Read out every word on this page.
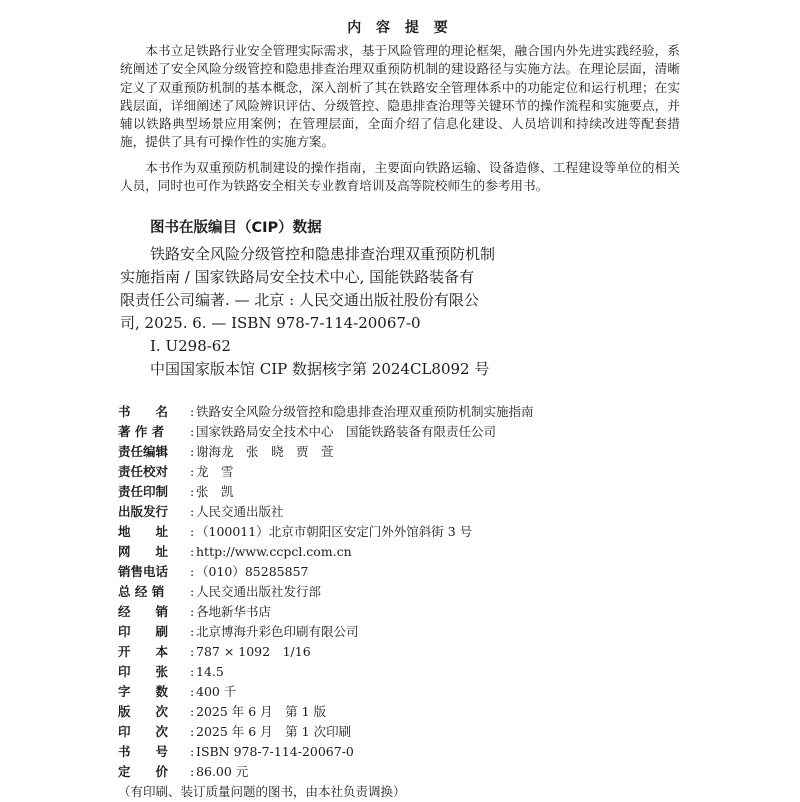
内 容 提 要

本书立足铁路行业安全管理实际需求，基于风险管理的理论框架，融合国内外先进实践经验，系统阐述了安全风险分级管控和隐患排查治理双重预防机制的建设路径与实施方法。在理论层面，清晰定义了双重预防机制的基本概念，深入剖析了其在铁路安全管理体系中的功能定位和运行机理；在实践层面，详细阐述了风险辨识评估、分级管控、隐患排查治理等关键环节的操作流程和实施要点，并辅以铁路典型场景应用案例；在管理层面，全面介绍了信息化建设、人员培训和持续改进等配套措施，提供了具有可操作性的实施方案。

本书作为双重预防机制建设的操作指南，主要面向铁路运输、设备造修、工程建设等单位的相关人员，同时也可作为铁路安全相关专业教育培训及高等院校师生的参考用书。

图书在版编目（CIP）数据
铁路安全风险分级管控和隐患排查治理双重预防机制
实施指南 / 国家铁路局安全技术中心, 国能铁路装备有
限责任公司编著. — 北京 : 人民交通出版社股份有限公
司, 2025. 6. — ISBN 978-7-114-20067-0
Ⅰ. U298-62
中国国家版本馆 CIP 数据核字第 2024CL8092 号
书　　名	: 铁路安全风险分级管控和隐患排查治理双重预防机制实施指南
著 作 者	: 国家铁路局安全技术中心　国能铁路装备有限责任公司
责任编辑	: 谢海龙　张　晓　贾　萱
责任校对	: 龙　雪
责任印制	: 张　凯
出版发行	: 人民交通出版社
地　　址	: （100011）北京市朝阳区安定门外外馆斜街 3 号
网　　址	: http://www.ccpcl.com.cn
销售电话	: （010）85285857
总 经 销	: 人民交通出版社发行部
经　　销	: 各地新华书店
印　　刷	: 北京博海升彩色印刷有限公司
开　　本	: 787 × 1092　1/16
印　　张	: 14.5
字　　数	: 400 千
版　　次	: 2025 年 6 月　第 1 版
印　　次	: 2025 年 6 月　第 1 次印刷
书　　号	: ISBN 978-7-114-20067-0
定　　价	: 86.00 元
（有印刷、装订质量问题的图书，由本社负责调换）
